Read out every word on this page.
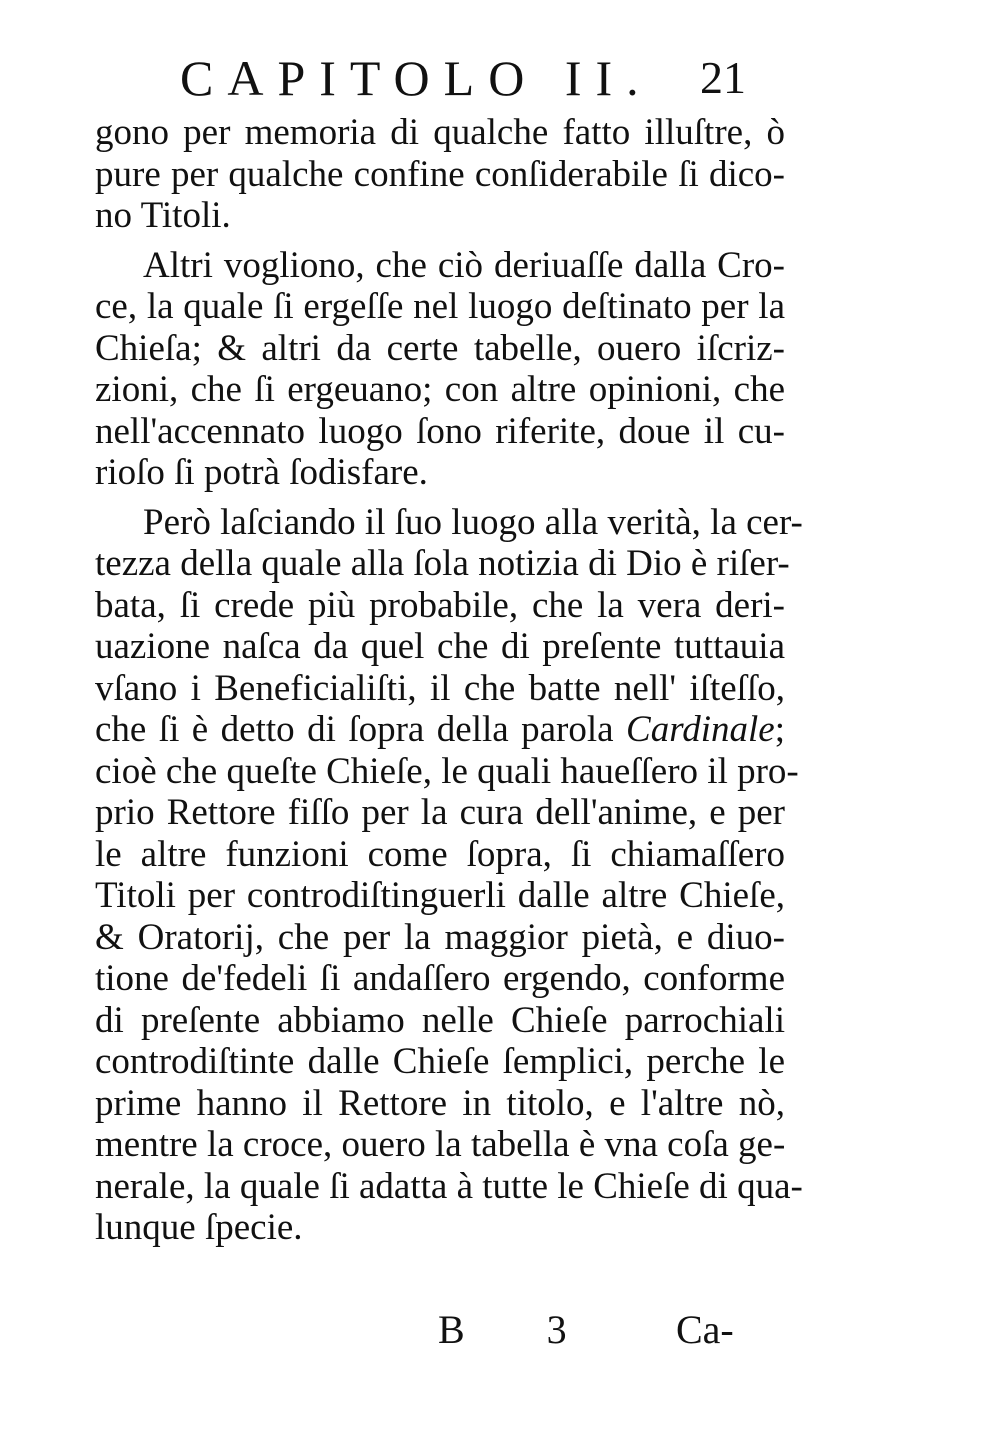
CAPITOLO II. 21
gono per memoria di qualche fatto illuſtre, ò
pure per qualche confine conſiderabile ſi dico-
no Titoli.
Altri vogliono, che ciò deriuaſſe dalla Cro-
ce, la quale ſi ergeſſe nel luogo deſtinato per la
Chieſa; & altri da certe tabelle, ouero iſcriz-
zioni, che ſi ergeuano; con altre opinioni, che
nell'accennato luogo ſono riferite, doue il cu-
rioſo ſi potrà ſodisfare.
Però laſciando il ſuo luogo alla verità, la cer-
tezza della quale alla ſola notizia di Dio è riſer-
bata, ſi crede più probabile, che la vera deri-
uazione naſca da quel che di preſente tuttauia
vſano i Beneficialiſti, il che batte nell' iſteſſo,
che ſi è detto di ſopra della parola Cardinale;
cioè che queſte Chieſe, le quali haueſſero il pro-
prio Rettore fiſſo per la cura dell'anime, e per
le altre funzioni come ſopra, ſi chiamaſſero
Titoli per controdiſtinguerli dalle altre Chieſe,
& Oratorij, che per la maggior pietà, e diuo-
tione de'fedeli ſi andaſſero ergendo, conforme
di preſente abbiamo nelle Chieſe parrochiali
controdiſtinte dalle Chieſe ſemplici, perche le
prime hanno il Rettore in titolo, e l'altre nò,
mentre la croce, ouero la tabella è vna coſa ge-
nerale, la quale ſi adatta à tutte le Chieſe di qua-
lunque ſpecie.
B 3 Ca-
